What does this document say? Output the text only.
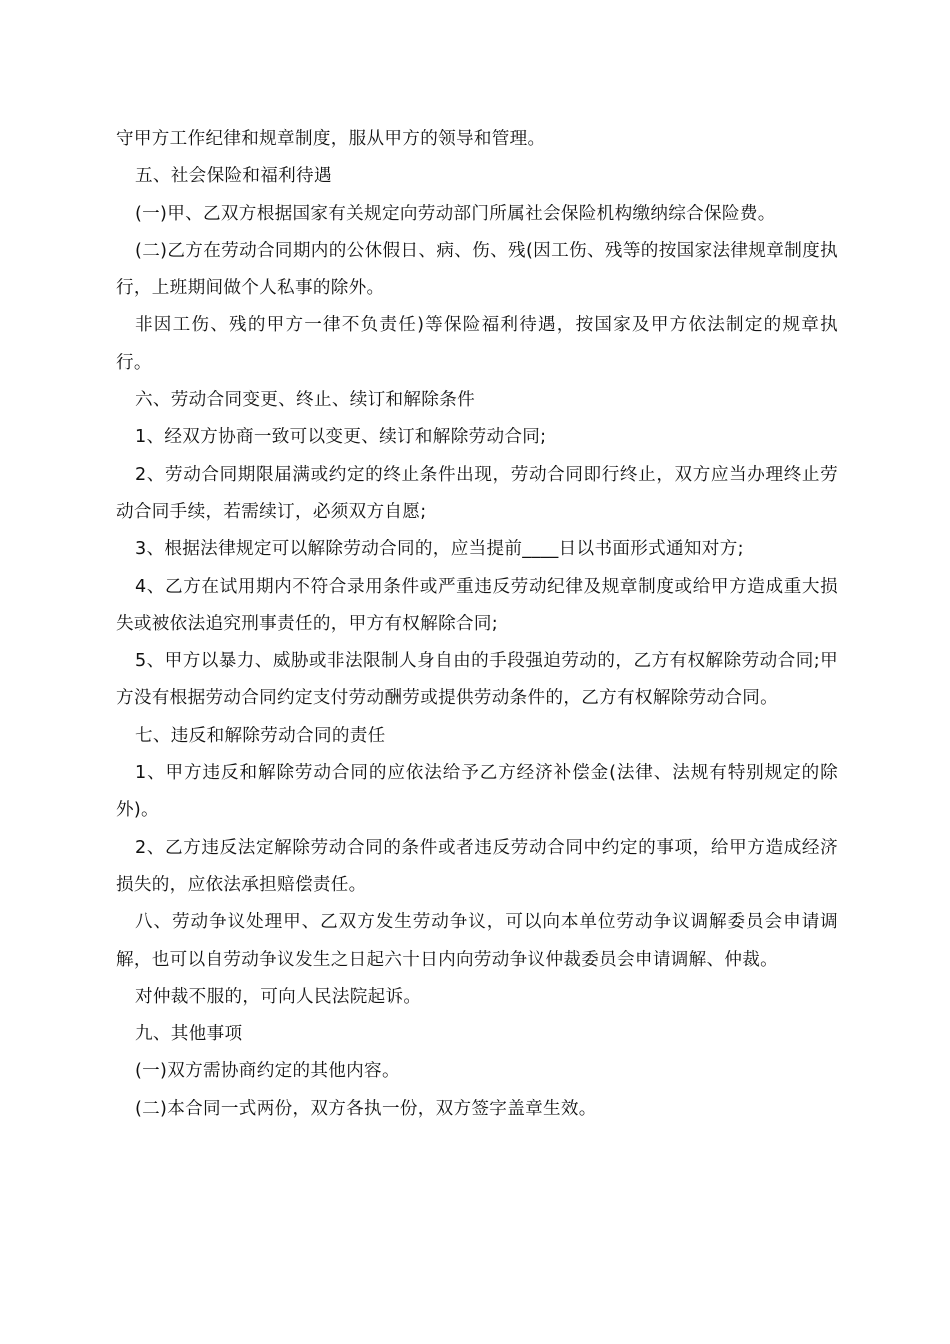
守甲方工作纪律和规章制度，服从甲方的领导和管理。

五、社会保险和福利待遇

(一)甲、乙双方根据国家有关规定向劳动部门所属社会保险机构缴纳综合保险费。

(二)乙方在劳动合同期内的公休假日、病、伤、残(因工伤、残等的按国家法律规章制度执行，上班期间做个人私事的除外。

非因工伤、残的甲方一律不负责任)等保险福利待遇，按国家及甲方依法制定的规章执行。

六、劳动合同变更、终止、续订和解除条件

1、经双方协商一致可以变更、续订和解除劳动合同;

2、劳动合同期限届满或约定的终止条件出现，劳动合同即行终止，双方应当办理终止劳动合同手续，若需续订，必须双方自愿;

3、根据法律规定可以解除劳动合同的，应当提前____日以书面形式通知对方;

4、乙方在试用期内不符合录用条件或严重违反劳动纪律及规章制度或给甲方造成重大损失或被依法追究刑事责任的，甲方有权解除合同;

5、甲方以暴力、威胁或非法限制人身自由的手段强迫劳动的，乙方有权解除劳动合同;甲方没有根据劳动合同约定支付劳动酬劳或提供劳动条件的，乙方有权解除劳动合同。

七、违反和解除劳动合同的责任

1、甲方违反和解除劳动合同的应依法给予乙方经济补偿金(法律、法规有特别规定的除外)。

2、乙方违反法定解除劳动合同的条件或者违反劳动合同中约定的事项，给甲方造成经济损失的，应依法承担赔偿责任。

八、劳动争议处理甲、乙双方发生劳动争议，可以向本单位劳动争议调解委员会申请调解，也可以自劳动争议发生之日起六十日内向劳动争议仲裁委员会申请调解、仲裁。

对仲裁不服的，可向人民法院起诉。

九、其他事项

(一)双方需协商约定的其他内容。

(二)本合同一式两份，双方各执一份，双方签字盖章生效。
